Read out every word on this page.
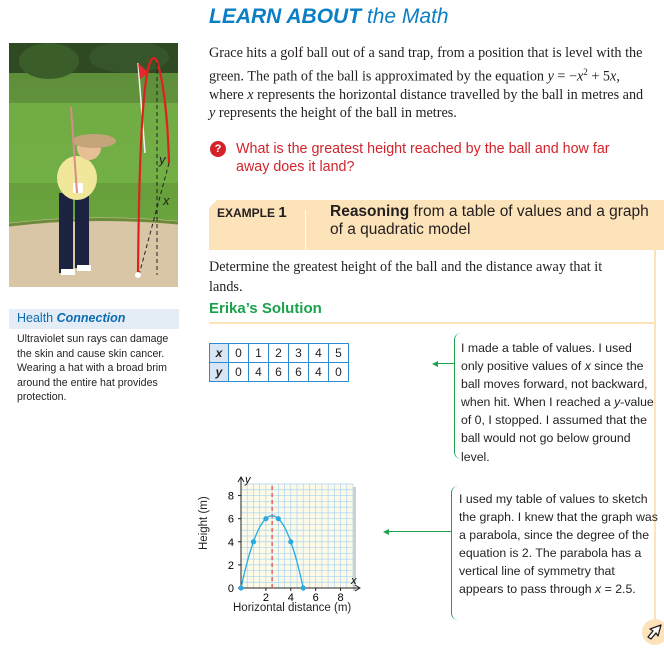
LEARN ABOUT the Math
Grace hits a golf ball out of a sand trap, from a position that is level with the green. The path of the ball is approximated by the equation $y = -x^2 + 5x$, where x represents the horizontal distance travelled by the ball in metres and y represents the height of the ball in metres.
?	What is the greatest height reached by the ball and how far away does it land?
EXAMPLE 1	Reasoning from a table of values and a graph of a quadratic model
Determine the greatest height of the ball and the distance away that it lands.
Erika’s Solution
y
x
Health Connection
Ultraviolet sun rays can damage the skin and cause skin cancer. Wearing a hat with a broad brim around the entire hat provides protection.
x	0	1	2	3	4	5
y	0	4	6	6	4	0
I made a table of values. I used only positive values of x since the ball moves forward, not backward, when hit. When I reached a y-value of 0, I stopped. I assumed that the ball would not go below ground level.
x
y
2 4 6 8
0
2
4
6
8
Height (m)
Horizontal distance (m)
I used my table of values to sketch the graph. I knew that the graph was a parabola, since the degree of the equation is 2. The parabola has a vertical line of symmetry that appears to pass through x = 2.5.
